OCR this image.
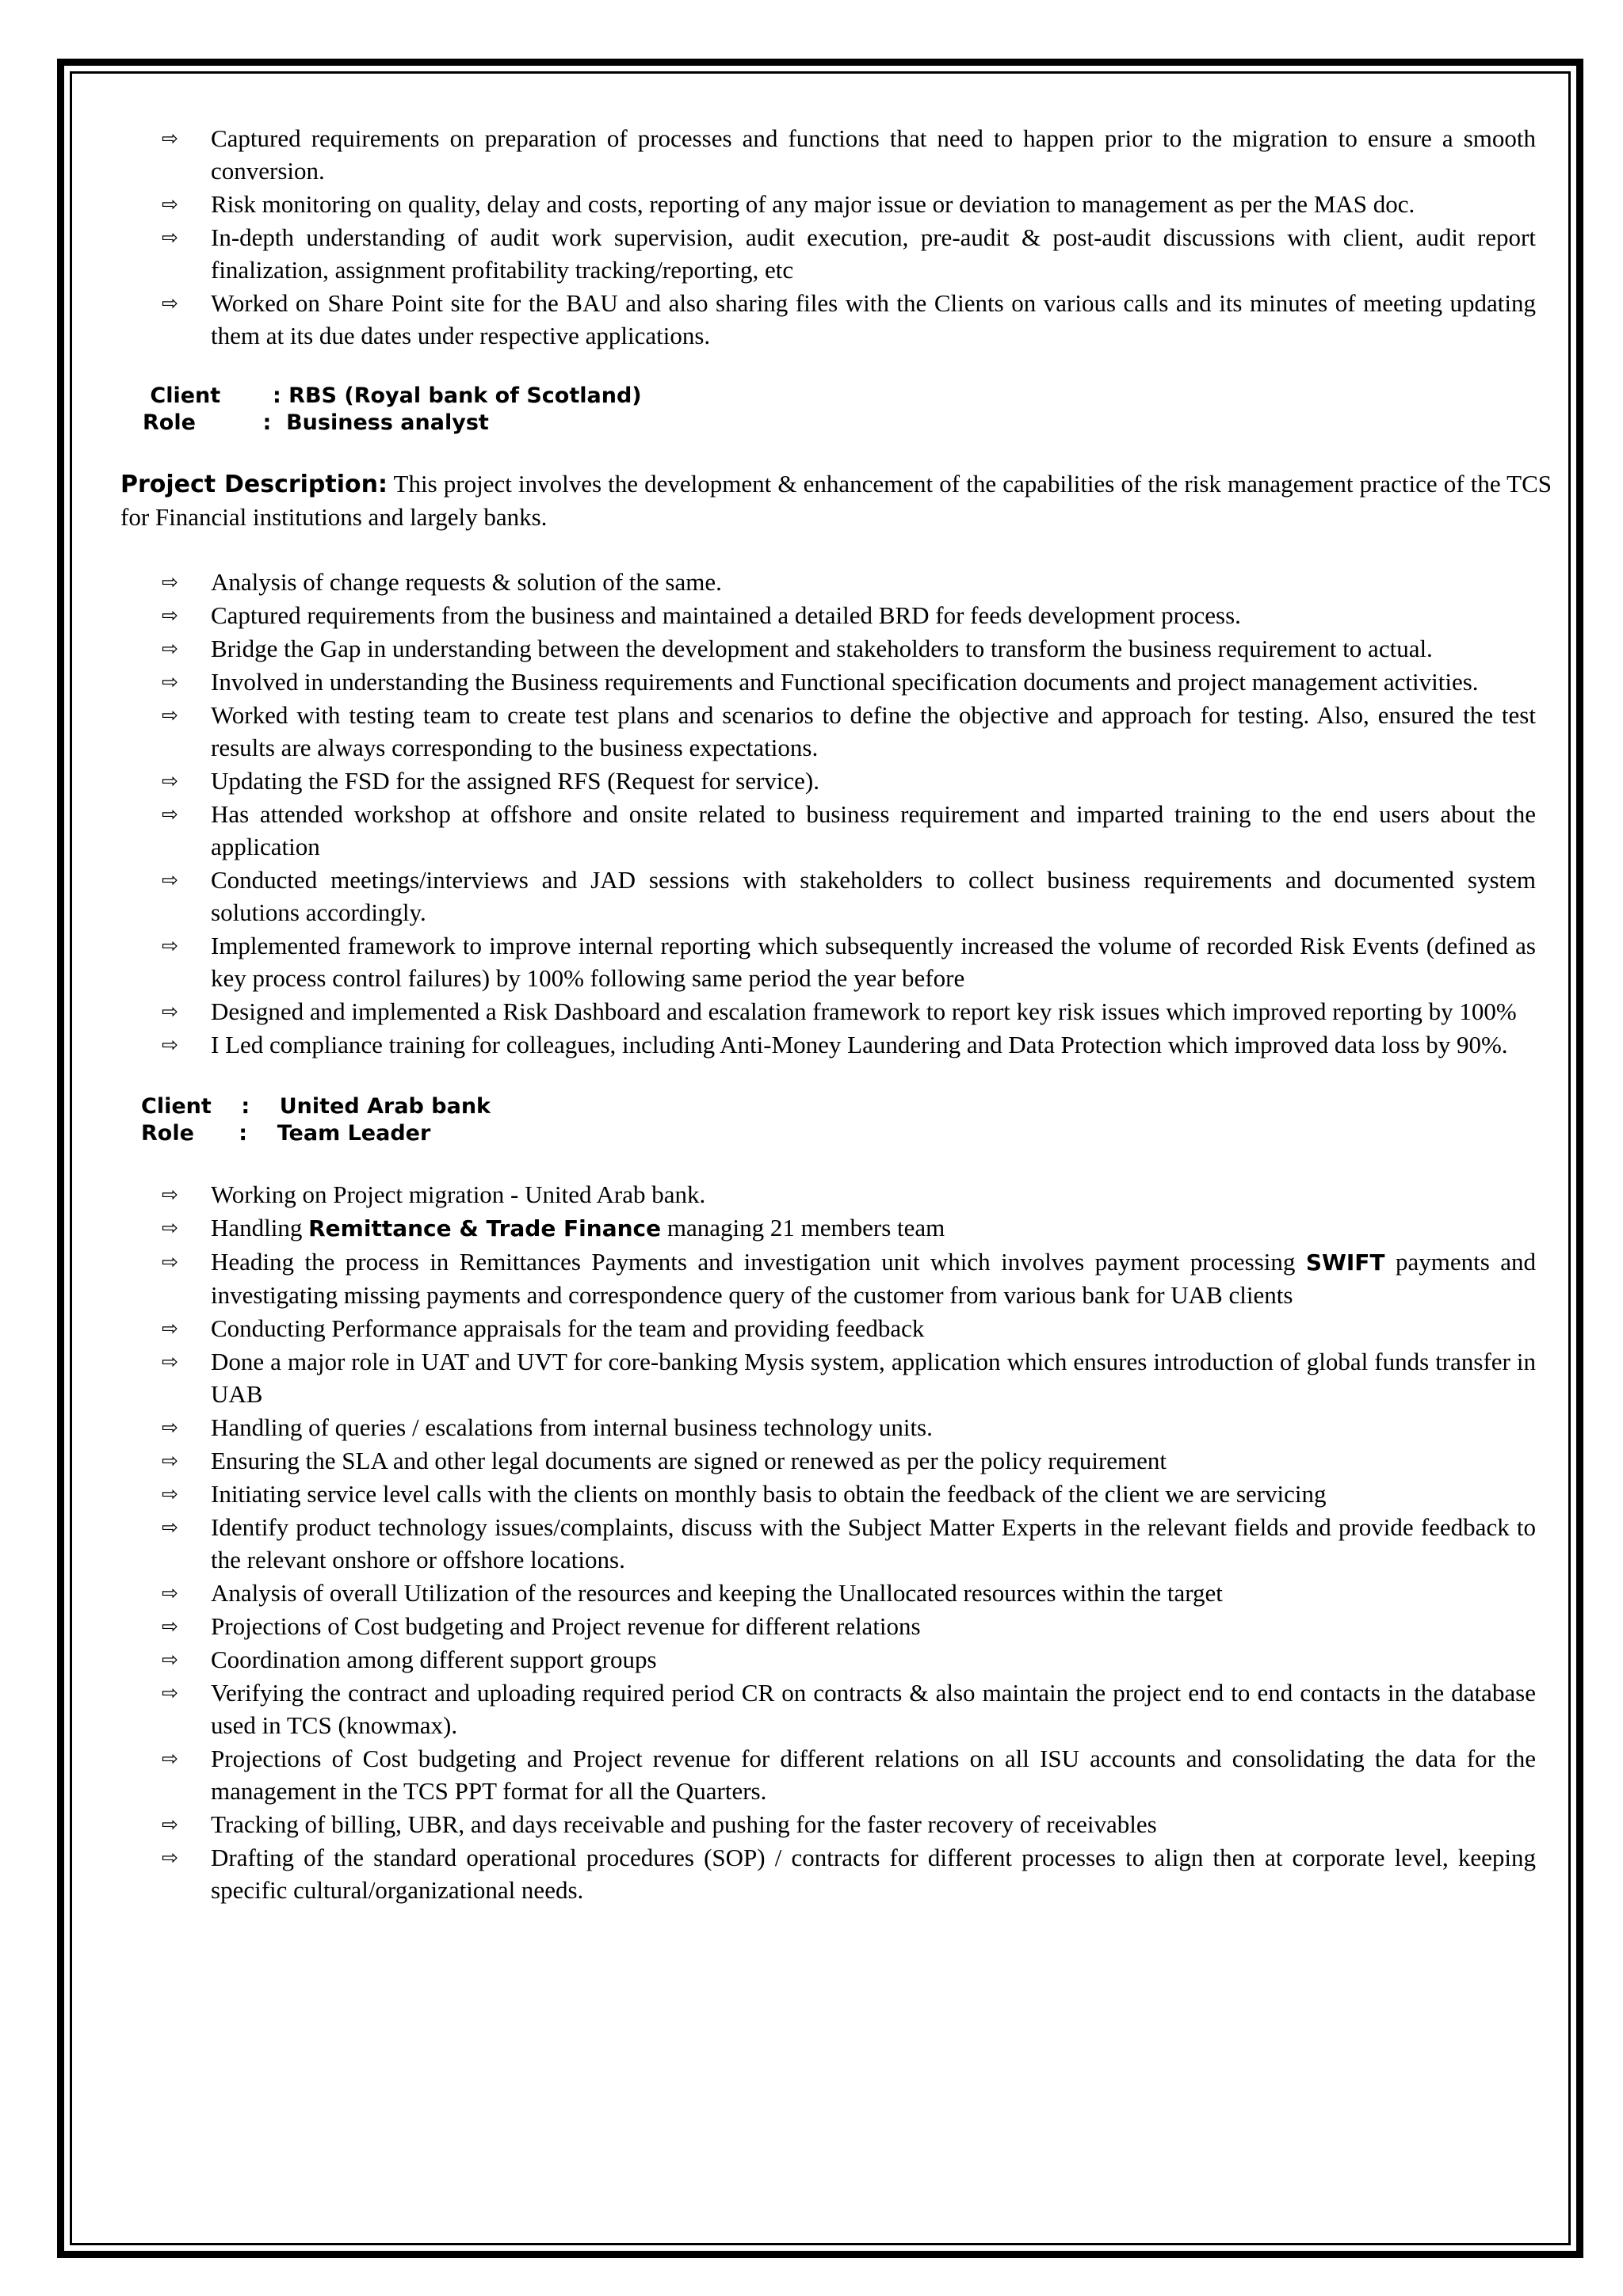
⇨ Captured requirements on preparation of processes and functions that need to happen prior to the migration to ensure a smooth conversion.
⇨ Risk monitoring on quality, delay and costs, reporting of any major issue or deviation to management as per the MAS doc.
⇨ In-depth understanding of audit work supervision, audit execution, pre-audit & post-audit discussions with client, audit report finalization, assignment profitability tracking/reporting, etc
⇨ Worked on Share Point site for the BAU and also sharing files with the Clients on various calls and its minutes of meeting updating them at its due dates under respective applications.
Client       : RBS (Royal bank of Scotland)
Role         :  Business analyst
Project Description: This project involves the development & enhancement of the capabilities of the risk management practice of the TCS for Financial institutions and largely banks.
⇨ Analysis of change requests & solution of the same.
⇨ Captured requirements from the business and maintained a detailed BRD for feeds development process.
⇨ Bridge the Gap in understanding between the development and stakeholders to transform the business requirement to actual.
⇨ Involved in understanding the Business requirements and Functional specification documents and project management activities.
⇨ Worked with testing team to create test plans and scenarios to define the objective and approach for testing. Also, ensured the test results are always corresponding to the business expectations.
⇨ Updating the FSD for the assigned RFS (Request for service).
⇨ Has attended workshop at offshore and onsite related to business requirement and imparted training to the end users about the application
⇨ Conducted meetings/interviews and JAD sessions with stakeholders to collect business requirements and documented system solutions accordingly.
⇨ Implemented framework to improve internal reporting which subsequently increased the volume of recorded Risk Events (defined as key process control failures) by 100% following same period the year before
⇨ Designed and implemented a Risk Dashboard and escalation framework to report key risk issues which improved reporting by 100%
⇨ I Led compliance training for colleagues, including Anti-Money Laundering and Data Protection which improved data loss by 90%.
Client    :    United Arab bank
Role      :    Team Leader
⇨ Working on Project migration - United Arab bank.
⇨ Handling Remittance & Trade Finance managing 21 members team
⇨ Heading the process in Remittances Payments and investigation unit which involves payment processing SWIFT payments and investigating missing payments and correspondence query of the customer from various bank for UAB clients
⇨ Conducting Performance appraisals for the team and providing feedback
⇨ Done a major role in UAT and UVT for core-banking Mysis system, application which ensures introduction of global funds transfer in UAB
⇨ Handling of queries / escalations from internal business technology units.
⇨ Ensuring the SLA and other legal documents are signed or renewed as per the policy requirement
⇨ Initiating service level calls with the clients on monthly basis to obtain the feedback of the client we are servicing
⇨ Identify product technology issues/complaints, discuss with the Subject Matter Experts in the relevant fields and provide feedback to the relevant onshore or offshore locations.
⇨ Analysis of overall Utilization of the resources and keeping the Unallocated resources within the target
⇨ Projections of Cost budgeting and Project revenue for different relations
⇨ Coordination among different support groups
⇨ Verifying the contract and uploading required period CR on contracts & also maintain the project end to end contacts in the database used in TCS (knowmax).
⇨ Projections of Cost budgeting and Project revenue for different relations on all ISU accounts and consolidating the data for the management in the TCS PPT format for all the Quarters.
⇨ Tracking of billing, UBR, and days receivable and pushing for the faster recovery of receivables
⇨ Drafting of the standard operational procedures (SOP) / contracts for different processes to align then at corporate level, keeping specific cultural/organizational needs.
